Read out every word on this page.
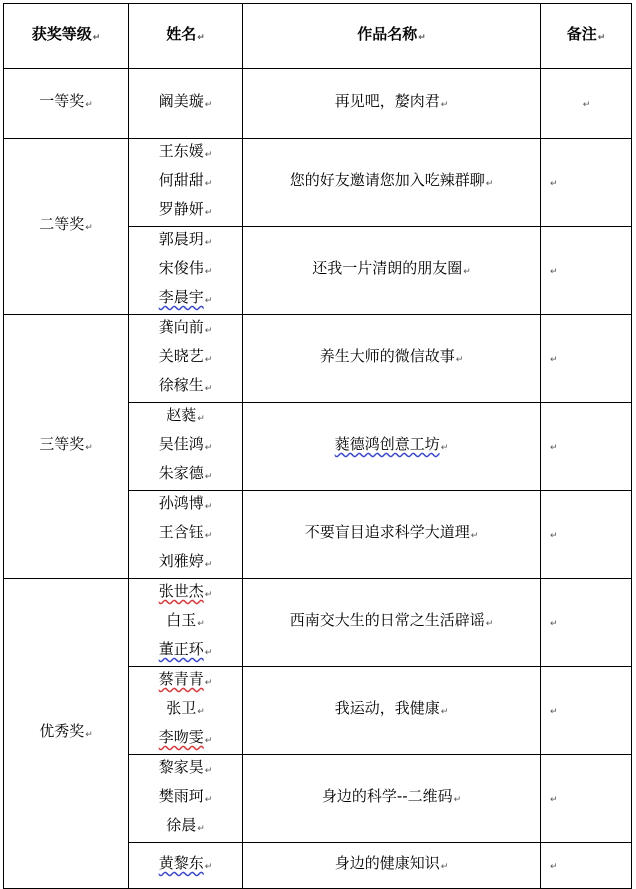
获奖等级↵	姓名↵	作品名称↵	备注↵
一等奖↵	阚美璇↵	再见吧，嫠肉君↵	↵
二等奖↵	王东媛↵
何甜甜↵
罗静妍↵	您的好友邀请您加入吃辣群聊↵	↵

	郭晨玥↵
宋俊伟↵
李晨宇↵	还我一片清朗的朋友圈↵	↵
三等奖↵	龚向前↵
关晓艺↵
徐稼生↵	养生大师的微信故事↵	↵

	赵蕤↵
吴佳鸿↵
朱家德↵	蕤德鸿创意工坊↵	↵

	孙鸿博↵
王含钰↵
刘雅婷↵	不要盲目追求科学大道理↵	↵
优秀奖↵	张世杰↵
白玉↵
董正环↵	西南交大生的日常之生活辟谣↵	↵

	蔡青青↵
张卫↵
李吻雯↵	我运动，我健康↵	↵

	黎家昊↵
樊雨珂↵
徐晨↵	身边的科学--二维码↵	↵

	黄黎东↵	身边的健康知识↵	↵
